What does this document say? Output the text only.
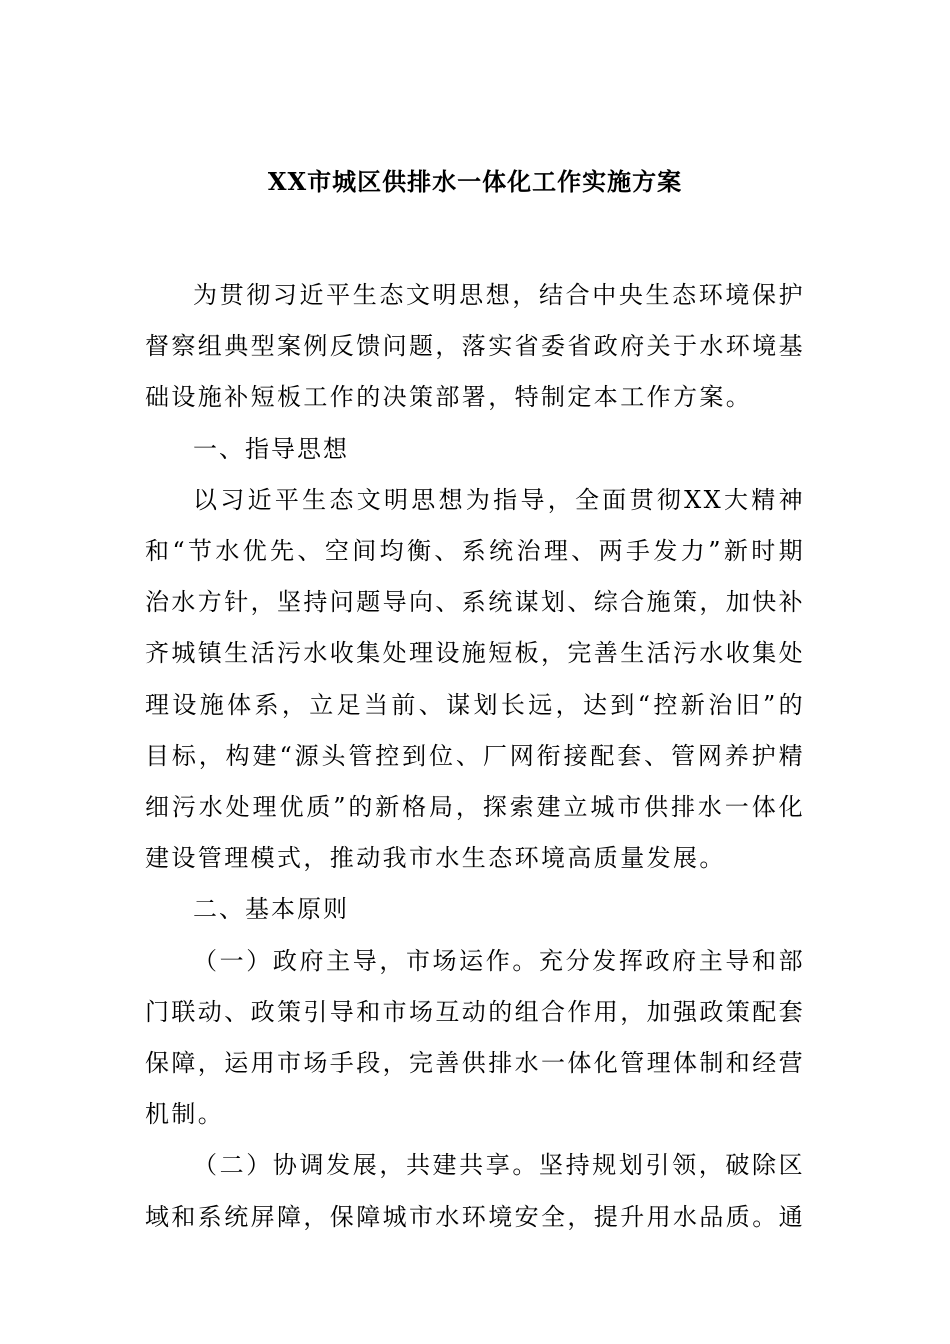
XX市城区供排水一体化工作实施方案

为贯彻习近平生态文明思想，结合中央生态环境保护督察组典型案例反馈问题，落实省委省政府关于水环境基础设施补短板工作的决策部署，特制定本工作方案。

一、指导思想

以习近平生态文明思想为指导，全面贯彻XX大精神和“节水优先、空间均衡、系统治理、两手发力”新时期治水方针，坚持问题导向、系统谋划、综合施策，加快补齐城镇生活污水收集处理设施短板，完善生活污水收集处理设施体系，立足当前、谋划长远，达到“控新治旧”的目标，构建“源头管控到位、厂网衔接配套、管网养护精细污水处理优质”的新格局，探索建立城市供排水一体化建设管理模式，推动我市水生态环境高质量发展。

二、基本原则

（一）政府主导，市场运作。充分发挥政府主导和部门联动、政策引导和市场互动的组合作用，加强政策配套保障，运用市场手段，完善供排水一体化管理体制和经营机制。

（二）协调发展，共建共享。坚持规划引领，破除区域和系统屏障，保障城市水环境安全，提升用水品质。通
